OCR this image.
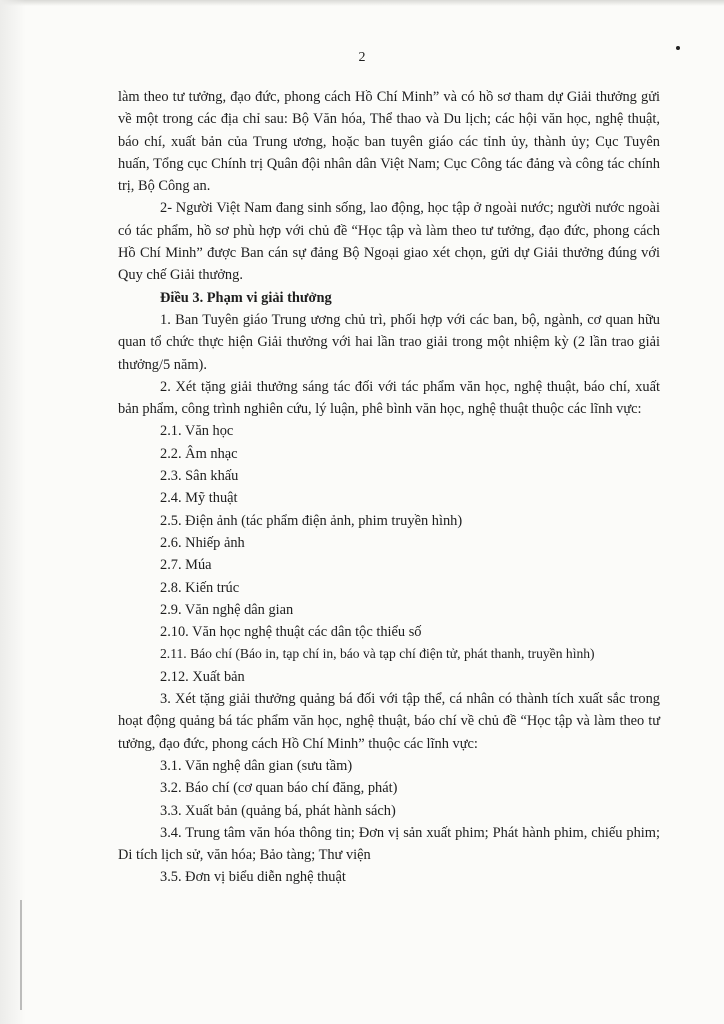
2

làm theo tư tưởng, đạo đức, phong cách Hồ Chí Minh” và có hồ sơ tham dự Giải thưởng gửi về một trong các địa chỉ sau: Bộ Văn hóa, Thể thao và Du lịch; các hội văn học, nghệ thuật, báo chí, xuất bản của Trung ương, hoặc ban tuyên giáo các tỉnh ủy, thành ủy; Cục Tuyên huấn, Tổng cục Chính trị Quân đội nhân dân Việt Nam; Cục Công tác đảng và công tác chính trị, Bộ Công an.

2- Người Việt Nam đang sinh sống, lao động, học tập ở ngoài nước; người nước ngoài có tác phẩm, hồ sơ phù hợp với chủ đề “Học tập và làm theo tư tưởng, đạo đức, phong cách Hồ Chí Minh” được Ban cán sự đảng Bộ Ngoại giao xét chọn, gửi dự Giải thưởng đúng với Quy chế Giải thưởng.

Điều 3. Phạm vi giải thưởng

1. Ban Tuyên giáo Trung ương chủ trì, phối hợp với các ban, bộ, ngành, cơ quan hữu quan tổ chức thực hiện Giải thưởng với hai lần trao giải trong một nhiệm kỳ (2 lần trao giải thưởng/5 năm).

2. Xét tặng giải thưởng sáng tác đối với tác phẩm văn học, nghệ thuật, báo chí, xuất bản phẩm, công trình nghiên cứu, lý luận, phê bình văn học, nghệ thuật thuộc các lĩnh vực:

2.1. Văn học

2.2. Âm nhạc

2.3. Sân khấu

2.4. Mỹ thuật

2.5. Điện ảnh (tác phẩm điện ảnh, phim truyền hình)

2.6. Nhiếp ảnh

2.7. Múa

2.8. Kiến trúc

2.9. Văn nghệ dân gian

2.10. Văn học nghệ thuật các dân tộc thiểu số

2.11. Báo chí (Báo in, tạp chí in, báo và tạp chí điện tử, phát thanh, truyền hình)

2.12. Xuất bản

3. Xét tặng giải thưởng quảng bá đối với tập thể, cá nhân có thành tích xuất sắc trong hoạt động quảng bá tác phẩm văn học, nghệ thuật, báo chí về chủ đề “Học tập và làm theo tư tưởng, đạo đức, phong cách Hồ Chí Minh” thuộc các lĩnh vực:

3.1. Văn nghệ dân gian (sưu tầm)

3.2. Báo chí (cơ quan báo chí đăng, phát)

3.3. Xuất bản (quảng bá, phát hành sách)

3.4. Trung tâm văn hóa thông tin; Đơn vị sản xuất phim; Phát hành phim, chiếu phim; Di tích lịch sử, văn hóa; Bảo tàng; Thư viện

3.5. Đơn vị biểu diễn nghệ thuật
